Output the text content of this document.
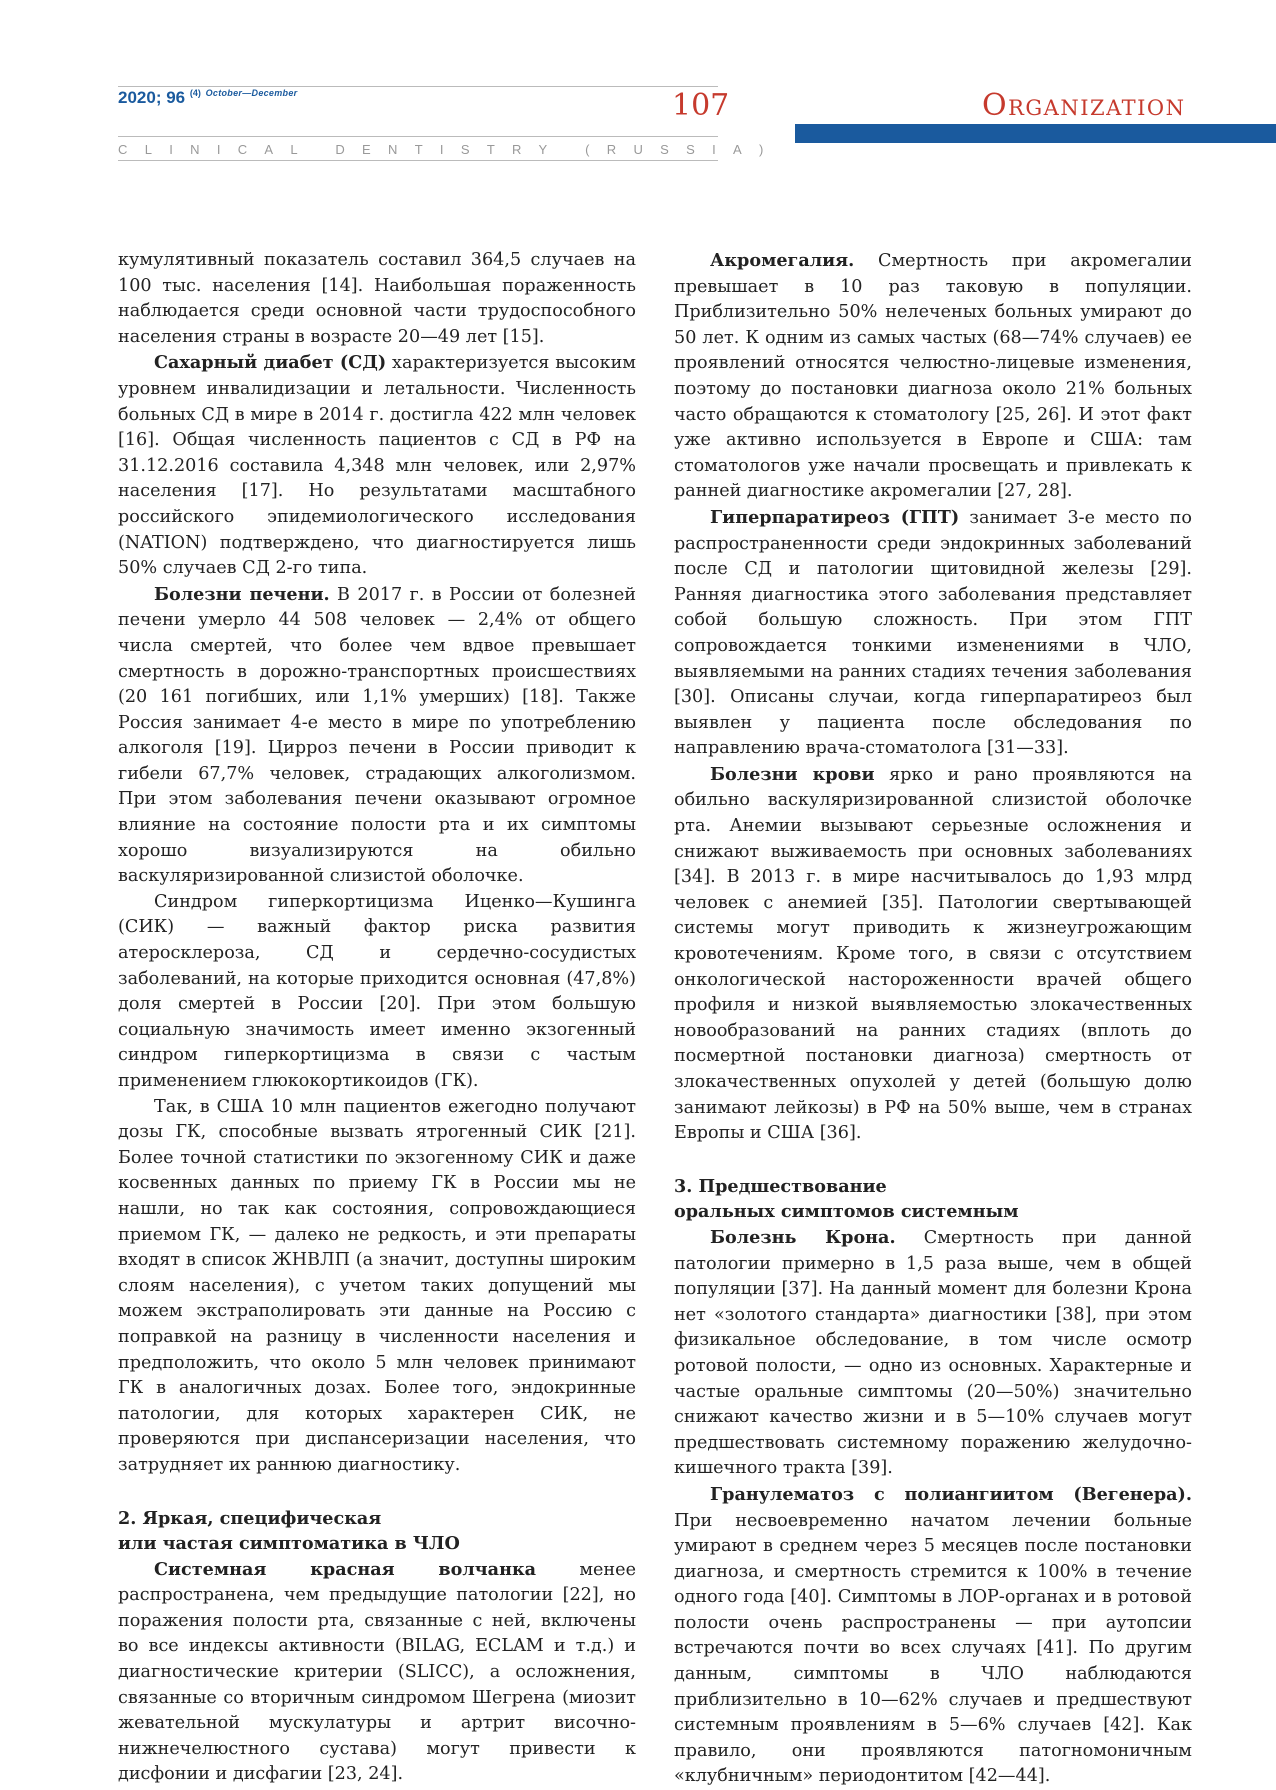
2020; 96 $^{(4)}$ $^{October—December}$	107
CLINICAL DENTISTRY (RUSSIA)
Organization

кумулятивный показатель составил 364,5 случаев на 100 тыс. населения [14]. Наибольшая пораженность наблюдается среди основной части трудоспособного населения страны в возрасте 20—49 лет [15].

Сахарный диабет (СД) характеризуется высоким уровнем инвалидизации и летальности. Численность больных СД в мире в 2014 г. достигла 422 млн человек [16]. Общая численность пациентов с СД в РФ на 31.12.2016 составила 4,348 млн человек, или 2,97% населения [17]. Но результатами масштабного российского эпидемиологического исследования (NATION) подтверждено, что диагностируется лишь 50% случаев СД 2-го типа.

Болезни печени. В 2017 г. в России от болезней печени умерло 44 508 человек — 2,4% от общего числа смертей, что более чем вдвое превышает смертность в дорожно-транспортных происшествиях (20 161 погибших, или 1,1% умерших) [18]. Также Россия занимает 4-е место в мире по употреблению алкоголя [19]. Цирроз печени в России приводит к гибели 67,7% человек, страдающих алкоголизмом. При этом заболевания печени оказывают огромное влияние на состояние полости рта и их симптомы хорошо визуализируются на обильно васкуляризированной слизистой оболочке.

Синдром гиперкортицизма Иценко—Кушинга (СИК) — важный фактор риска развития атеросклероза, СД и сердечно-сосудистых заболеваний, на которые приходится основная (47,8%) доля смертей в России [20]. При этом большую социальную значимость имеет именно экзогенный синдром гиперкортицизма в связи с частым применением глюкокортикоидов (ГК).

Так, в США 10 млн пациентов ежегодно получают дозы ГК, способные вызвать ятрогенный СИК [21]. Более точной статистики по экзогенному СИК и даже косвенных данных по приему ГК в России мы не нашли, но так как состояния, сопровождающиеся приемом ГК, — далеко не редкость, и эти препараты входят в список ЖНВЛП (а значит, доступны широким слоям населения), с учетом таких допущений мы можем экстраполировать эти данные на Россию с поправкой на разницу в численности населения и предположить, что около 5 млн человек принимают ГК в аналогичных дозах. Более того, эндокринные патологии, для которых характерен СИК, не проверяются при диспансеризации населения, что затрудняет их раннюю диагностику.

2. Яркая, специфическая
или частая симптоматика в ЧЛО

Системная красная волчанка менее распространена, чем предыдущие патологии [22], но поражения полости рта, связанные с ней, включены во все индексы активности (BILAG, ECLAM и т.д.) и диагностические критерии (SLICC), а осложнения, связанные со вторичным синдромом Шегрена (миозит жевательной мускулатуры и артрит височно-нижнечелюстного сустава) могут привести к дисфонии и дисфагии [23, 24].

Акромегалия. Смертность при акромегалии превышает в 10 раз таковую в популяции. Приблизительно 50% нелеченых больных умирают до 50 лет. К одним из самых частых (68—74% случаев) ее проявлений относятся челюстно-лицевые изменения, поэтому до постановки диагноза около 21% больных часто обращаются к стоматологу [25, 26]. И этот факт уже активно используется в Европе и США: там стоматологов уже начали просвещать и привлекать к ранней диагностике акромегалии [27, 28].

Гиперпаратиреоз (ГПТ) занимает 3-е место по распространенности среди эндокринных заболеваний после СД и патологии щитовидной железы [29]. Ранняя диагностика этого заболевания представляет собой большую сложность. При этом ГПТ сопровождается тонкими изменениями в ЧЛО, выявляемыми на ранних стадиях течения заболевания [30]. Описаны случаи, когда гиперпаратиреоз был выявлен у пациента после обследования по направлению врача-стоматолога [31—33].

Болезни крови ярко и рано проявляются на обильно васкуляризированной слизистой оболочке рта. Анемии вызывают серьезные осложнения и снижают выживаемость при основных заболеваниях [34]. В 2013 г. в мире насчитывалось до 1,93 млрд человек с анемией [35]. Патологии свертывающей системы могут приводить к жизнеугрожающим кровотечениям. Кроме того, в связи с отсутствием онкологической настороженности врачей общего профиля и низкой выявляемостью злокачественных новообразований на ранних стадиях (вплоть до посмертной постановки диагноза) смертность от злокачественных опухолей у детей (большую долю занимают лейкозы) в РФ на 50% выше, чем в странах Европы и США [36].

3. Предшествование
оральных симптомов системным

Болезнь Крона. Смертность при данной патологии примерно в 1,5 раза выше, чем в общей популяции [37]. На данный момент для болезни Крона нет «золотого стандарта» диагностики [38], при этом физикальное обследование, в том числе осмотр ротовой полости, — одно из основных. Характерные и частые оральные симптомы (20—50%) значительно снижают качество жизни и в 5—10% случаев могут предшествовать системному поражению желудочно-кишечного тракта [39].

Гранулематоз с полиангиитом (Вегенера). При несвоевременно начатом лечении больные умирают в среднем через 5 месяцев после постановки диагноза, и смертность стремится к 100% в течение одного года [40]. Симптомы в ЛОР-органах и в ротовой полости очень распространены — при аутопсии встречаются почти во всех случаях [41]. По другим данным, симптомы в ЧЛО наблюдаются приблизительно в 10—62% случаев и предшествуют системным проявлениям в 5—6% случаев [42]. Как правило, они проявляются патогномоничным «клубничным» периодонтитом [42—44].
